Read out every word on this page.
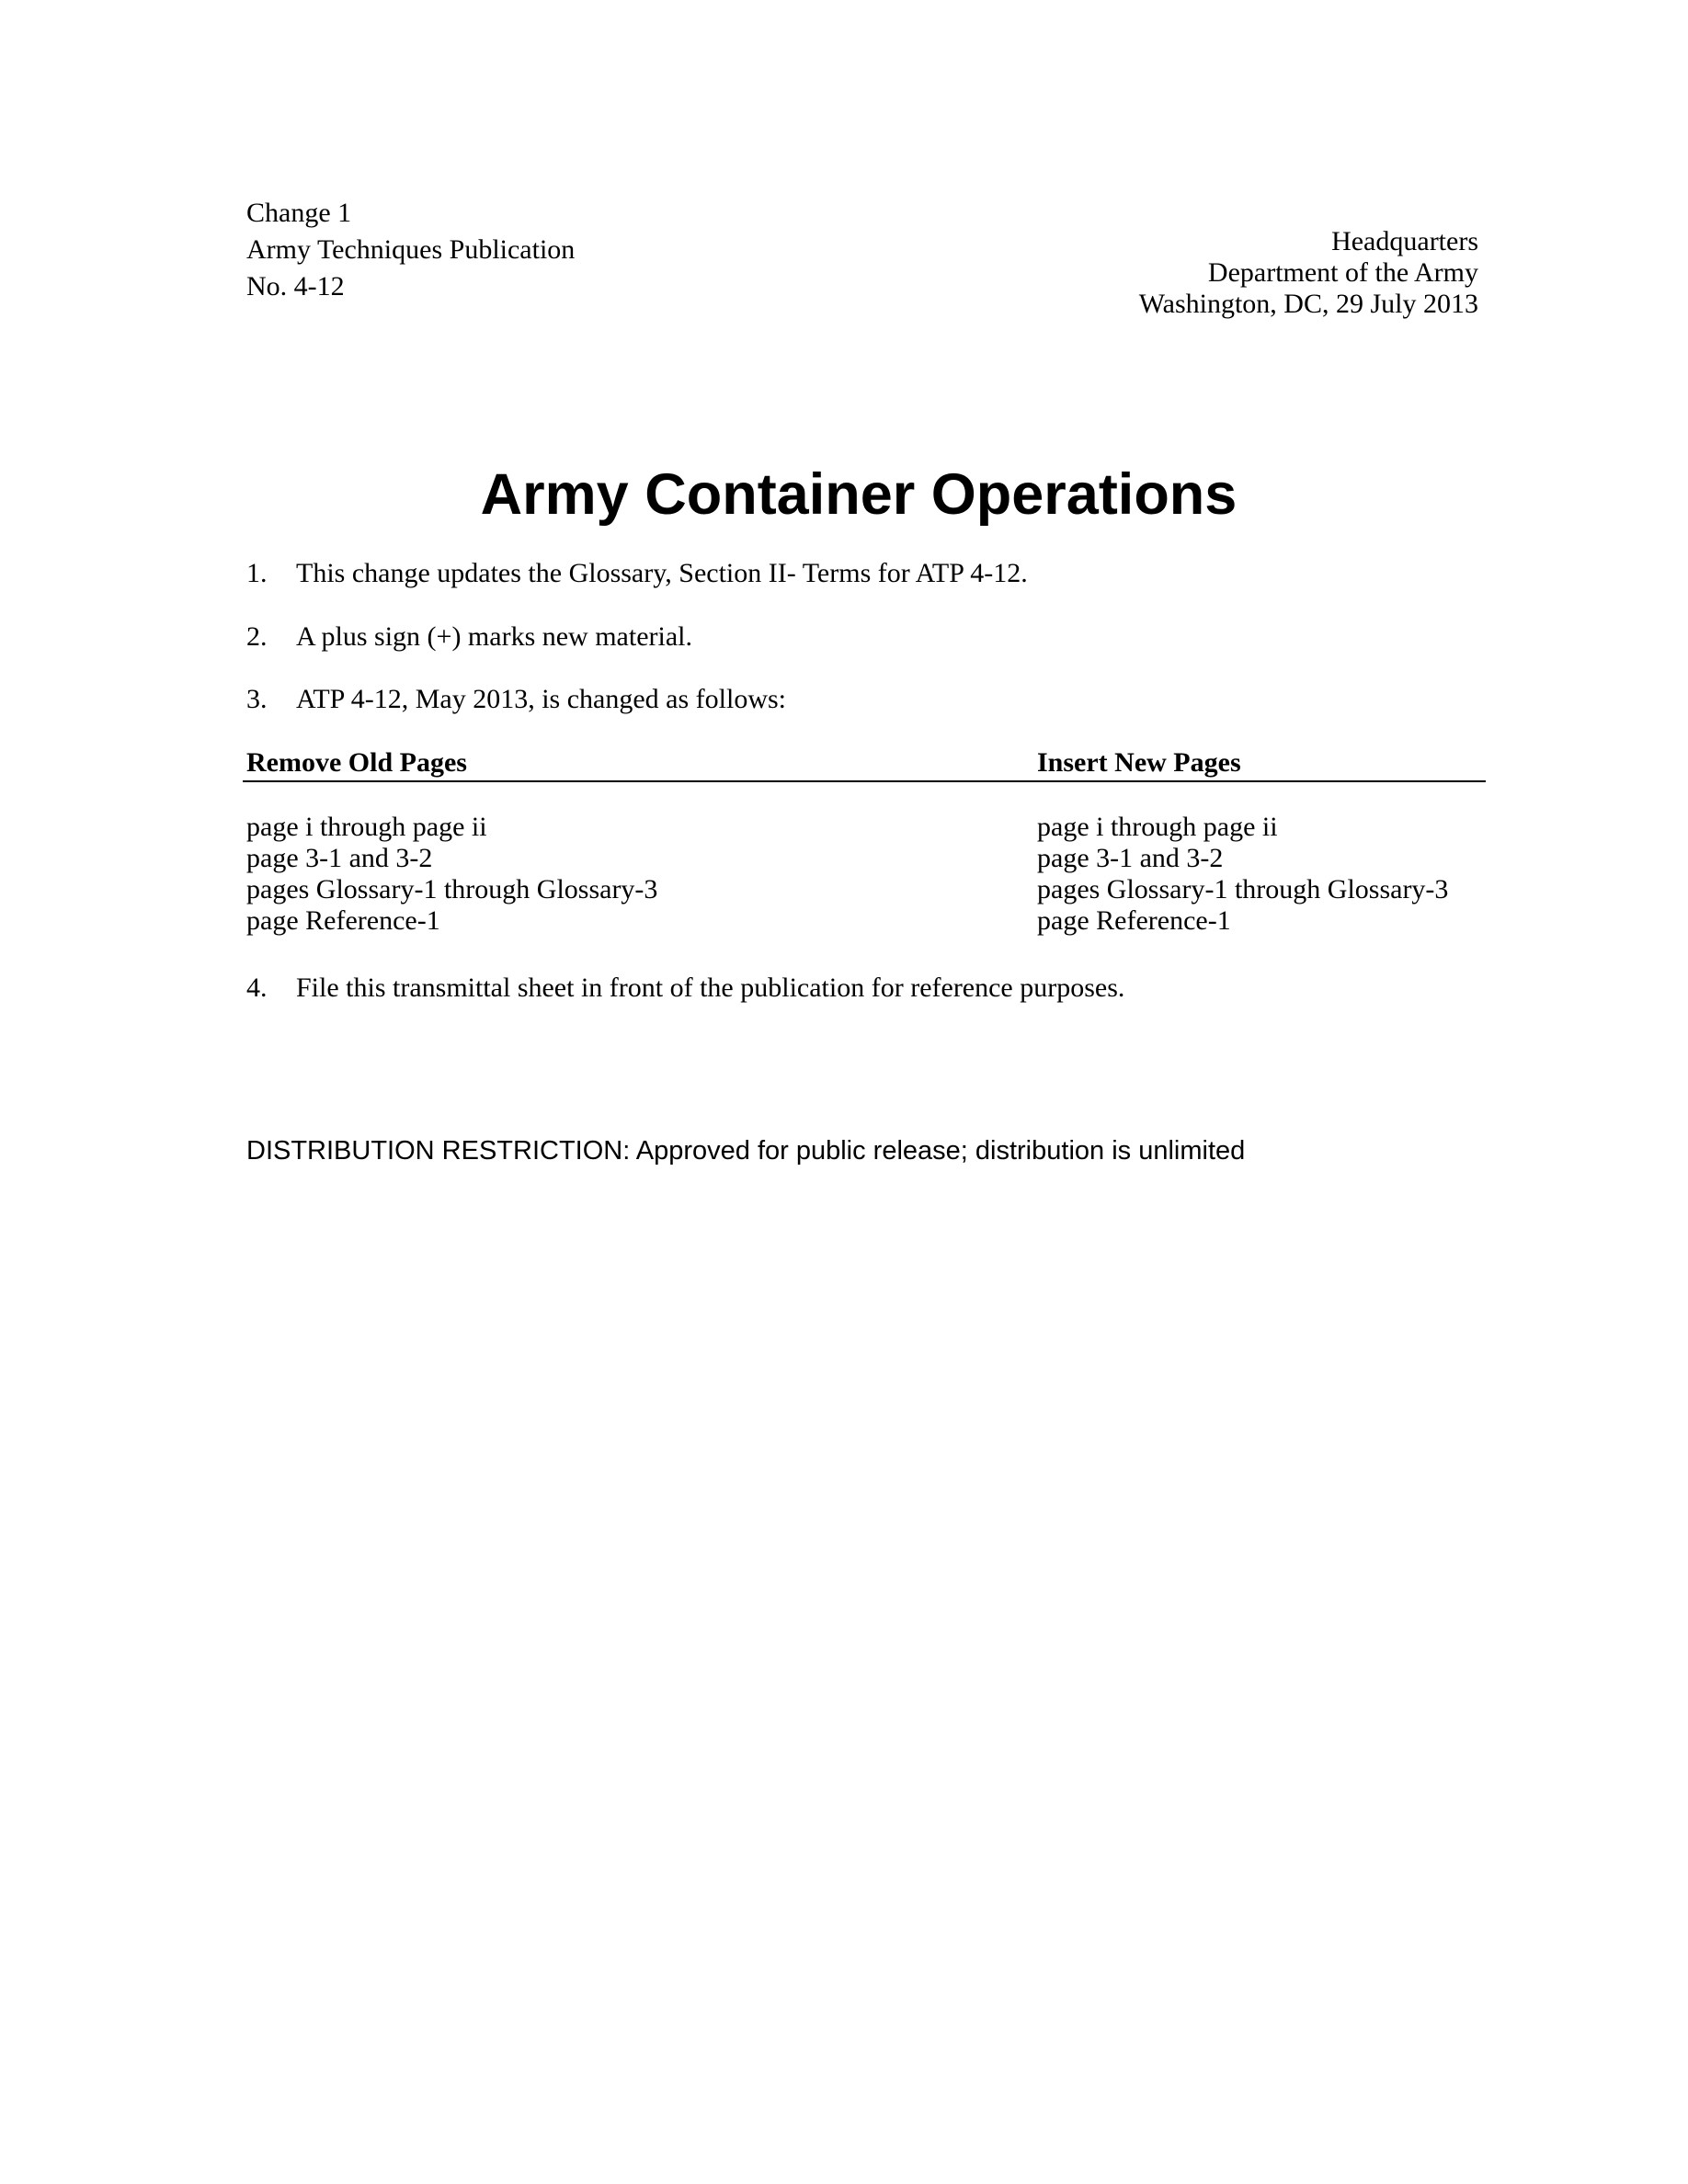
Change 1
Army Techniques Publication
No. 4-12
Headquarters
Department of the Army
Washington, DC, 29 July 2013
Army Container Operations
1. This change updates the Glossary, Section II- Terms for ATP 4-12.
2. A plus sign (+) marks new material.
3. ATP 4-12, May 2013, is changed as follows:
Remove Old Pages	Insert New Pages
page i through page ii	page i through page ii
page 3-1 and 3-2	page 3-1 and 3-2
pages Glossary-1 through Glossary-3	pages Glossary-1 through Glossary-3
page Reference-1	page Reference-1
4. File this transmittal sheet in front of the publication for reference purposes.
DISTRIBUTION RESTRICTION: Approved for public release; distribution is unlimited
